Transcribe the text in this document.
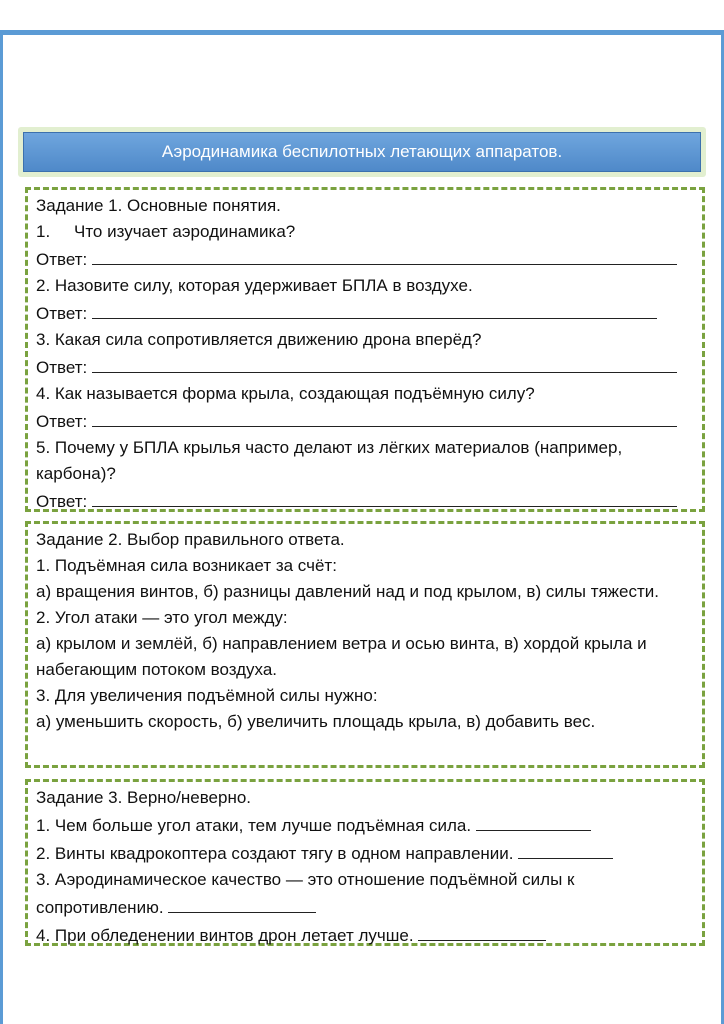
Аэродинамика беспилотных летающих аппаратов.
Задание 1. Основные понятия.
1. Что изучает аэродинамика?
Ответ:
2. Назовите силу, которая удерживает БПЛА в воздухе.
Ответ:
3. Какая сила сопротивляется движению дрона вперёд?
Ответ:
4. Как называется форма крыла, создающая подъёмную силу?
Ответ:
5. Почему у БПЛА крылья часто делают из лёгких материалов (например, карбона)?
Ответ:
Задание 2. Выбор правильного ответа.
1. Подъёмная сила возникает за счёт:
а) вращения винтов, б) разницы давлений над и под крылом, в) силы тяжести.
2. Угол атаки — это угол между:
а) крылом и землёй, б) направлением ветра и осью винта, в) хордой крыла и набегающим потоком воздуха.
3. Для увеличения подъёмной силы нужно:
а) уменьшить скорость, б) увеличить площадь крыла, в) добавить вес.
Задание 3. Верно/неверно.
1. Чем больше угол атаки, тем лучше подъёмная сила.
2. Винты квадрокоптера создают тягу в одном направлении.
3. Аэродинамическое качество — это отношение подъёмной силы к сопротивлению.
4. При обледенении винтов дрон летает лучше.
